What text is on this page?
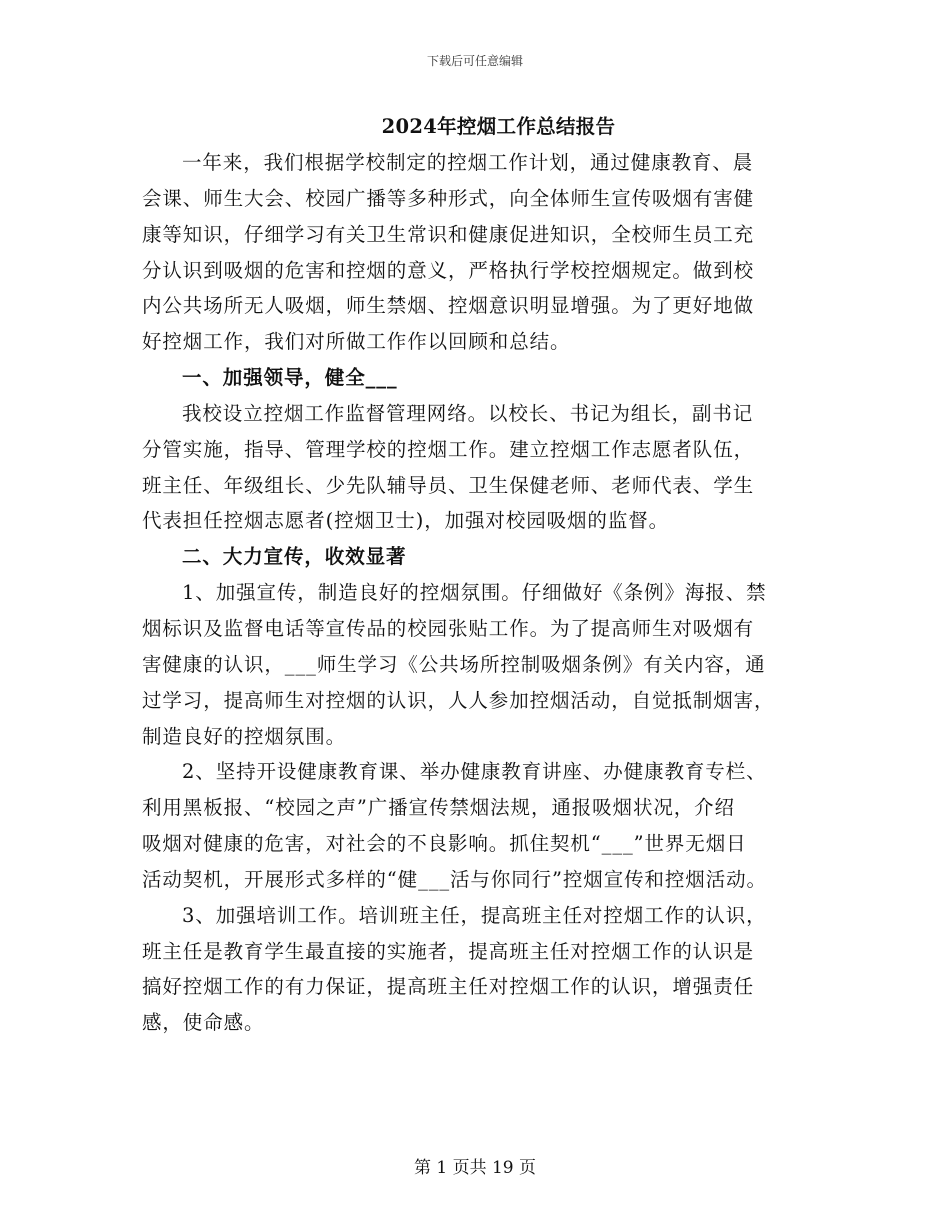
下载后可任意编辑
2024年控烟工作总结报告
一年来，我们根据学校制定的控烟工作计划，通过健康教育、晨
会课、师生大会、校园广播等多种形式，向全体师生宣传吸烟有害健
康等知识，仔细学习有关卫生常识和健康促进知识，全校师生员工充
分认识到吸烟的危害和控烟的意义，严格执行学校控烟规定。做到校
内公共场所无人吸烟，师生禁烟、控烟意识明显增强。为了更好地做
好控烟工作，我们对所做工作作以回顾和总结。
一、加强领导，健全___
我校设立控烟工作监督管理网络。以校长、书记为组长，副书记
分管实施，指导、管理学校的控烟工作。建立控烟工作志愿者队伍，
班主任、年级组长、少先队辅导员、卫生保健老师、老师代表、学生
代表担任控烟志愿者(控烟卫士)，加强对校园吸烟的监督。
二、大力宣传，收效显著
1、加强宣传，制造良好的控烟氛围。仔细做好《条例》海报、禁
烟标识及监督电话等宣传品的校园张贴工作。为了提高师生对吸烟有
害健康的认识，___师生学习《公共场所控制吸烟条例》有关内容，通
过学习，提高师生对控烟的认识，人人参加控烟活动，自觉抵制烟害，
制造良好的控烟氛围。
2、坚持开设健康教育课、举办健康教育讲座、办健康教育专栏、
利用黑板报、“校园之声”广播宣传禁烟法规，通报吸烟状况，介绍
吸烟对健康的危害，对社会的不良影响。抓住契机“___”世界无烟日
活动契机，开展形式多样的“健___活与你同行”控烟宣传和控烟活动。
3、加强培训工作。培训班主任，提高班主任对控烟工作的认识，
班主任是教育学生最直接的实施者，提高班主任对控烟工作的认识是
搞好控烟工作的有力保证，提高班主任对控烟工作的认识，增强责任
感，使命感。
第 1 页共 19 页
